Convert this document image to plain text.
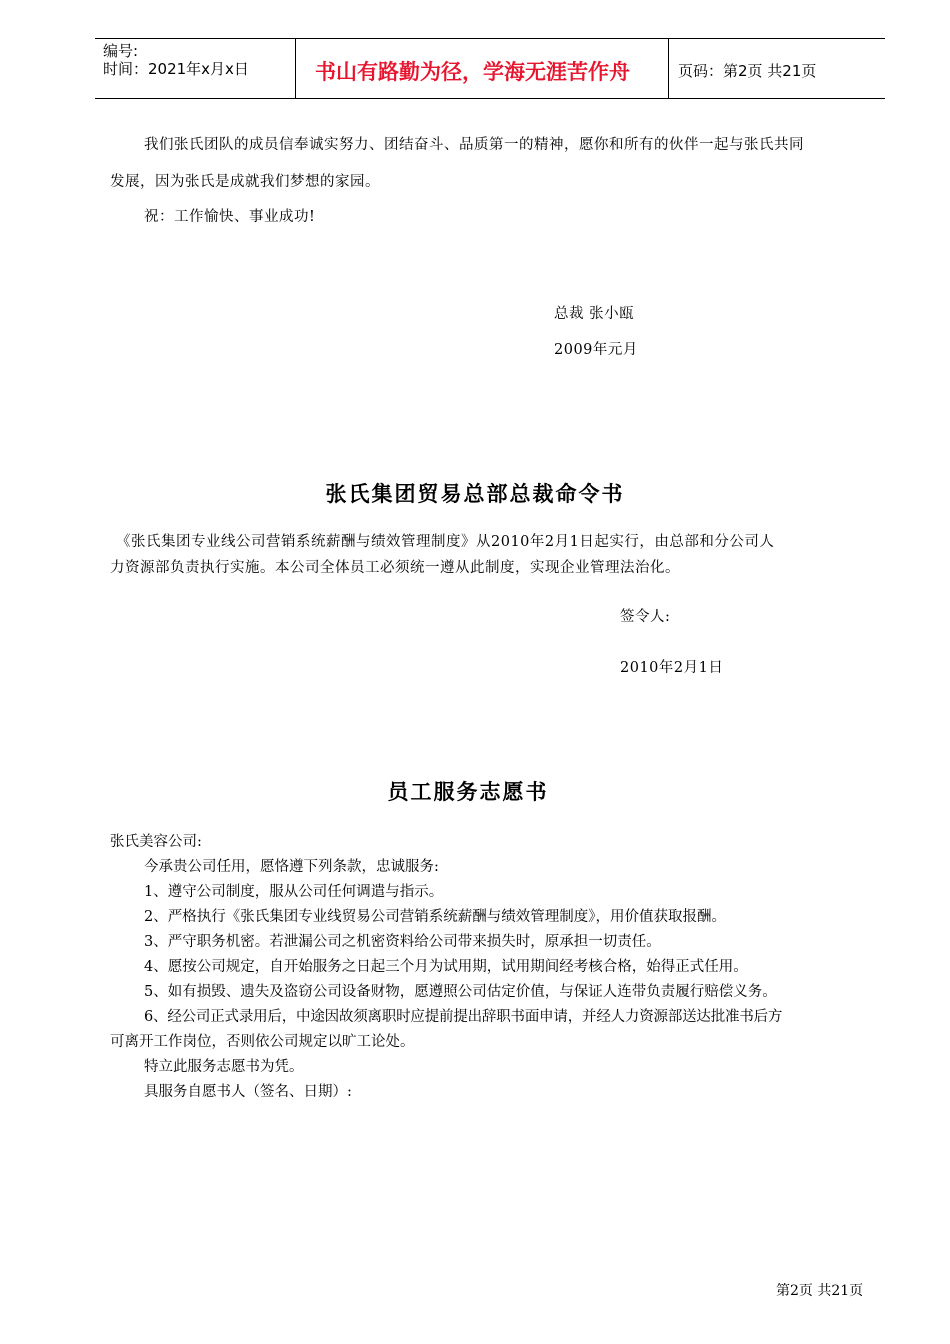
编号:
时间：2021年x月x日	书山有路勤为径，学海无涯苦作舟	页码：第2页 共21页
我们张氏团队的成员信奉诚实努力、团结奋斗、品质第一的精神，愿你和所有的伙伴一起与张氏共同
发展，因为张氏是成就我们梦想的家园。
祝：工作愉快、事业成功!
总裁 张小瓯
2009年元月
张氏集团贸易总部总裁命令书
《张氏集团专业线公司营销系统薪酬与绩效管理制度》从2010年2月1日起实行，由总部和分公司人
力资源部负责执行实施。本公司全体员工必须统一遵从此制度，实现企业管理法治化。
签令人:
2010年2月1日
员工服务志愿书
张氏美容公司:
今承贵公司任用，愿恪遵下列条款，忠诚服务:
1、遵守公司制度，服从公司任何调遣与指示。
2、严格执行《张氏集团专业线贸易公司营销系统薪酬与绩效管理制度》，用价值获取报酬。
3、严守职务机密。若泄漏公司之机密资料给公司带来损失时，原承担一切责任。
4、愿按公司规定，自开始服务之日起三个月为试用期，试用期间经考核合格，始得正式任用。
5、如有损毁、遗失及盗窃公司设备财物，愿遵照公司估定价值，与保证人连带负责履行赔偿义务。
6、经公司正式录用后，中途因故须离职时应提前提出辞职书面申请，并经人力资源部送达批准书后方
可离开工作岗位，否则依公司规定以旷工论处。
特立此服务志愿书为凭。
具服务自愿书人（签名、日期）:
第2页 共21页
